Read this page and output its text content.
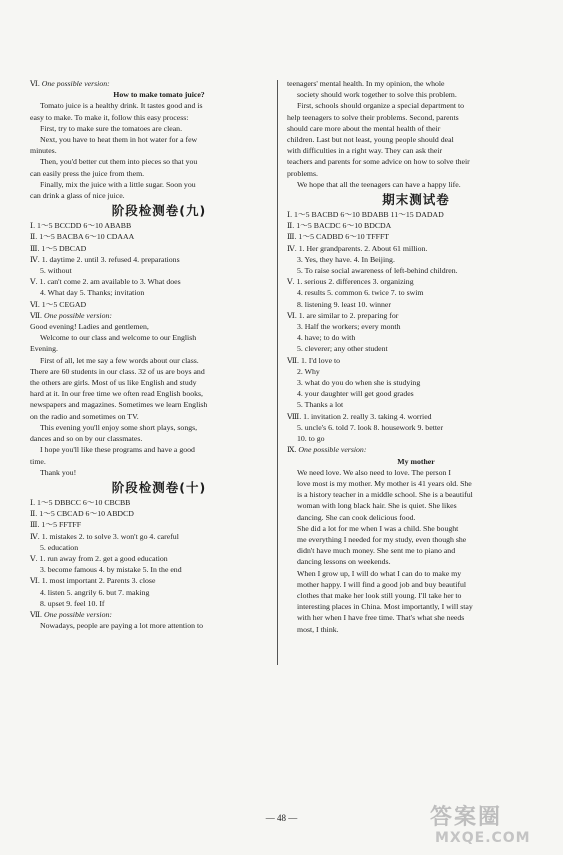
Ⅵ. One possible version:
How to make tomato juice?
Tomato juice is a healthy drink. It tastes good and is
easy to make. To make it, follow this easy process:
First, try to make sure the tomatoes are clean.
Next, you have to heat them in hot water for a few
minutes.
Then, you'd better cut them into pieces so that you
can easily press the juice from them.
Finally, mix the juice with a little sugar. Soon you
can drink a glass of nice juice.
阶段检测卷(九)
Ⅰ. 1～5 BCCDD 6～10 ABABB
Ⅱ. 1～5 BACBA 6～10 CDAAA
Ⅲ. 1～5 DBCAD
Ⅳ. 1. daytime 2. until 3. refused 4. preparations
5. without
Ⅴ. 1. can't come 2. am available to 3. What does
4. What day 5. Thanks; invitation
Ⅵ. 1～5 CEGAD
Ⅶ. One possible version:
Good evening! Ladies and gentlemen,
Welcome to our class and welcome to our English
Evening.
First of all, let me say a few words about our class.
There are 60 students in our class. 32 of us are boys and
the others are girls. Most of us like English and study
hard at it. In our free time we often read English books,
newspapers and magazines. Sometimes we learn English
on the radio and sometimes on TV.
This evening you'll enjoy some short plays, songs,
dances and so on by our classmates.
I hope you'll like these programs and have a good
time.
Thank you!
阶段检测卷(十)
Ⅰ. 1～5 DBBCC 6～10 CBCBB
Ⅱ. 1～5 CBCAD 6～10 ABDCD
Ⅲ. 1～5 FFTFF
Ⅳ. 1. mistakes 2. to solve 3. won't go 4. careful
5. education
Ⅴ. 1. run away from 2. get a good education
3. become famous 4. by mistake 5. In the end
Ⅵ. 1. most important 2. Parents 3. close
4. listen 5. angrily 6. but 7. making
8. upset 9. feel 10. If
Ⅶ. One possible version:
Nowadays, people are paying a lot more attention to
teenagers' mental health. In my opinion, the whole
society should work together to solve this problem.
First, schools should organize a special department to
help teenagers to solve their problems. Second, parents
should care more about the mental health of their
children. Last but not least, young people should deal
with difficulties in a right way. They can ask their
teachers and parents for some advice on how to solve their
problems.
We hope that all the teenagers can have a happy life.
期末测试卷
Ⅰ. 1～5 BACBD 6～10 BDABB 11～15 DADAD
Ⅱ. 1～5 BACDC 6～10 BDCDA
Ⅲ. 1～5 CADBD 6～10 TFFFT
Ⅳ. 1. Her grandparents. 2. About 61 million.
3. Yes, they have. 4. In Beijing.
5. To raise social awareness of left-behind children.
Ⅴ. 1. serious 2. differences 3. organizing
4. results 5. common 6. twice 7. to swim
8. listening 9. least 10. winner
Ⅵ. 1. are similar to 2. preparing for
3. Half the workers; every month
4. have; to do with
5. cleverer; any other student
Ⅶ. 1. I'd love to
2. Why
3. what do you do when she is studying
4. your daughter will get good grades
5. Thanks a lot
Ⅷ. 1. invitation 2. really 3. taking 4. worried
5. uncle's 6. told 7. look 8. housework 9. better
10. to go
Ⅸ. One possible version:
My mother
We need love. We also need to love. The person I
love most is my mother. My mother is 41 years old. She
is a history teacher in a middle school. She is a beautiful
woman with long black hair. She is quiet. She likes
dancing. She can cook delicious food.
She did a lot for me when I was a child. She bought
me everything I needed for my study, even though she
didn't have much money. She sent me to piano and
dancing lessons on weekends.
When I grow up, I will do what I can do to make my
mother happy. I will find a good job and buy beautiful
clothes that make her look still young. I'll take her to
interesting places in China. Most importantly, I will stay
with her when I have free time. That's what she needs
most, I think.
— 48 —	答案圈
MXQE.COM
